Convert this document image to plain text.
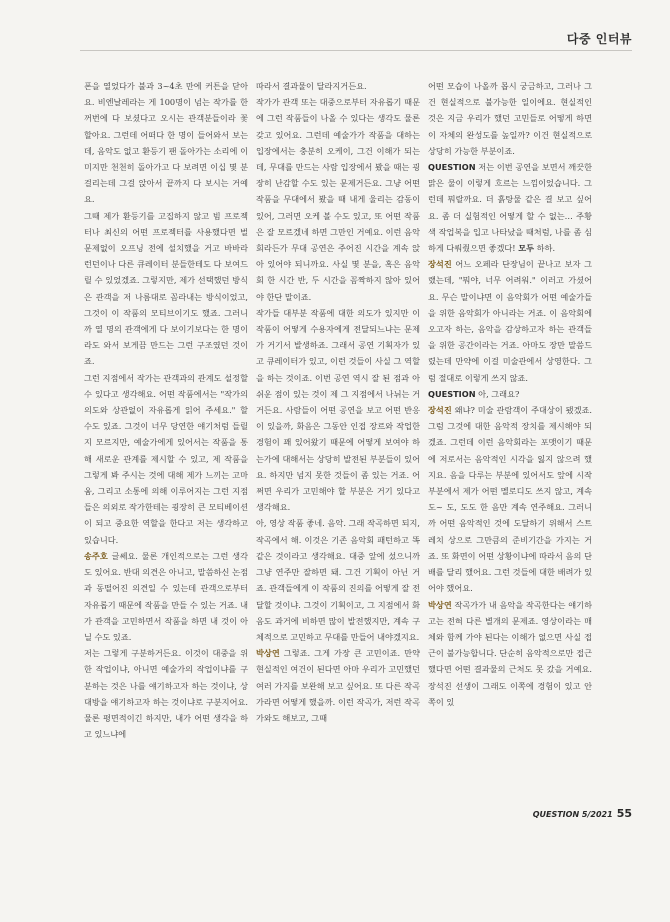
다중 인터뷰

폰을 열었다가 불과 3~4초 만에 커튼을 닫아요. 비엔날레라는 게 100명이 넘는 작가를 한꺼번에 다 보셨다고 오시는 관객분들이라 꽃 할아요. 그런데 어떠다 한 명이 들어와서 보는데, 음악도 없고 환등기 팬 돌아가는 소리에 이미지만 천천히 돌아가고 다 보려면 이십 몇 분 걸리는데 그걸 앉아서 끝까지 다 보시는 거예요.

그때 제가 환등기를 고집하지 않고 빔 프로젝터나 최신의 어떤 프로젝터를 사용했다면 벌 문제없이 오프닝 전에 설치했을 거고 바바라 런던이나 다른 큐레이터 분들한테도 다 보여드릴 수 있었겠죠. 그렇지만, 제가 선택했던 방식은 관객을 저 나름대로 꼼라내는 방식이었고, 그것이 이 작품의 모티브이기도 했죠. 그러니까 열 명의 관객에게 다 보이기보다는 한 명이라도 와서 보게끔 만드는 그런 구조였던 것이죠.

그런 지점에서 작가는 관객과의 관계도 설정할 수 있다고 생각해요. 어떤 작품에서는 "작가의 의도와 상관없이 자유롭게 읽어 주세요." 할 수도 있죠. 그것이 너무 당연한 얘기처럼 들릴지 모르지만, 예술가에게 있어서는 작품을 통해 새로운 관계를 제시할 수 있고, 제 작품을 그렇게 봐 주시는 것에 대해 제가 느끼는 고마움, 그리고 소통에 의해 이루어지는 그런 지점들은 의외로 작가한테는 굉장히 큰 모티베이션이 되고 중요한 역할을 한다고 저는 생각하고 있습니다.

송주호 글쎄요. 물론 개인적으로는 그런 생각도 있어요. 반대 의견은 아니고, 말씀하신 논점과 동떨어진 의견일 수 있는데 관객으로부터 자유롭기 때문에 작품을 만들 수 있는 거죠. 내가 관객을 고민하면서 작품을 하면 내 것이 아닐 수도 있죠.

저는 그렇게 구분하거든요. 이것이 대중을 위한 작업이냐, 아니면 예술가의 작업이냐를 구분하는 것은 나를 얘기하고자 하는 것이냐, 상대방을 얘기하고자 하는 것이냐로 구분지어요. 물론 평면적이긴 하지만, 내가 어떤 생각을 하고 있느냐에

따라서 결과물이 달라지거든요.

작가가 관객 또는 대중으로부터 자유롭기 때문에 그런 작품들이 나올 수 있다는 생각도 물론 갖고 있어요. 그런데 예술가가 작품을 대하는 입장에서는 충분히 오케이, 그건 이해가 되는데, 무대를 만드는 사람 입장에서 봤을 때는 굉장히 난감할 수도 있는 문제거든요. 그냥 어떤 작품을 무대에서 봤을 때 내게 울리는 감동이 있어, 그러면 오케 볼 수도 있고, 또 어떤 작품은 잘 모르겠네 하면 그만인 거예요. 이런 음악회라든가 무대 공연은 주어진 시간을 계속 앉아 있어야 되니까요. 사실 몇 분을, 혹은 음악회 한 시간 반, 두 시간을 꼼짝하지 않아 있어야 한단 말이죠.

작가들 대부분 작품에 대한 의도가 있지만 이 작품이 어떻게 수용자에게 전달되느냐는 문제가 거기서 발생하죠. 그래서 공연 기획자가 있고 큐레이터가 있고, 이런 것들이 사실 그 역할을 하는 것이죠. 이번 공연 역시 잘 된 점과 아쉬운 점이 있는 것이 제 그 지점에서 나뉘는 거거든요. 사람들이 어떤 공연을 보고 어떤 반응이 있을까, 화음은 그동안 인접 장르와 작업한 경험이 꽤 있어왔기 때문에 어떻게 보여야 하는가에 대해서는 상당히 발전된 부분들이 있어요. 하지만 넘지 못한 것들이 좀 있는 거죠. 어쩌면 우리가 고민해야 할 부분은 거기 있다고 생각해요.

아, 영상 작품 좋네. 음악. 그래 작곡하면 되지, 작곡에서 해. 이것은 기존 음악회 패턴하고 똑같은 것이라고 생각해요. 대중 앞에 섰으니까 그냥 연주만 잘하면 돼. 그건 기획이 아닌 거죠. 관객들에게 이 작품의 진의를 어떻게 잘 전달할 것이냐. 그것이 기획이고, 그 지점에서 화음도 과거에 비하면 많이 발전했지만, 계속 구체적으로 고민하고 무대를 만들어 내야겠지요.

박상연 그렇죠. 그게 가장 큰 고민이죠. 만약 현실적인 여건이 된다면 아마 우리가 고민했던 여러 가지를 보완해 보고 싶어요. 또 다른 작곡가라면 어떻게 했을까. 이런 작곡가, 저런 작곡가와도 해보고, 그때

어떤 모습이 나올까 몹시 궁금하고, 그러나 그건 현실적으로 불가능한 일이에요. 현실적인 것은 지금 우리가 했던 고민들로 어떻게 하면 이 자체의 완성도를 높일까? 이건 현실적으로 상당히 가능한 부분이죠.

QUESTION 저는 이번 공연을 보면서 깨끗한 맑은 물이 이렇게 흐르는 느낌이었습니다. 그런데 뭐랄까요. 더 흙탕물 같은 결 보고 싶어요. 좀 더 실험적인 어떻게 할 수 없는… 주황색 작업복을 입고 나타났을 때처럼, 나를 좀 심하게 다뤄줬으면 좋겠다! 모두 하하.

장석진 어느 오페라 단장님이 끝나고 보자 그랬는데, "뭐야, 너무 어려워." 이러고 가셨어요. 무슨 말이냐면 이 음악회가 어떤 예술가들을 위한 음악회가 아니라는 거죠. 이 음악회에 오고자 하는, 음악을 감상하고자 하는 관객들을 위한 공간이라는 거죠. 아마도 장만 말씀드렸는데 만약에 이걸 미술관에서 상영한다. 그럼 절대로 이렇게 쓰지 않죠.

QUESTION 아, 그래요?

장석진 왜냐? 미술 관람객이 주대상이 됐겠죠. 그럼 그것에 대한 음악적 장치를 제시해야 되겠죠. 그런데 이런 음악회라는 포맷이기 때문에 저로서는 음악적인 시각을 잃지 않으려 했지요. 음을 다루는 부분에 있어서도 앞에 시작 부분에서 제가 어떤 멜로디도 쓰지 않고, 계속 도~ 도, 도도 한 음만 계속 연주해요. 그러니까 어떤 음악적인 것에 도달하기 위해서 스트레치 상으로 그만큼의 준비기간을 가지는 거죠. 또 화면이 어떤 상황이냐에 따라서 음의 단배를 달리 했어요. 그런 것들에 대한 배려가 있어야 했어요.

박상연 작곡가가 내 음악을 작곡한다는 얘기하고는 전혀 다른 별개의 문제죠. 영상이라는 매체와 함께 가야 된다는 이해가 없으면 사실 접근이 불가능합니다. 단순히 음악적으로만 접근했다면 어떤 결과물의 근처도 못 갔을 거예요. 장석진 선생이 그래도 이쪽에 경험이 있고 안쪽이 있

QUESTION 5/2021 55
